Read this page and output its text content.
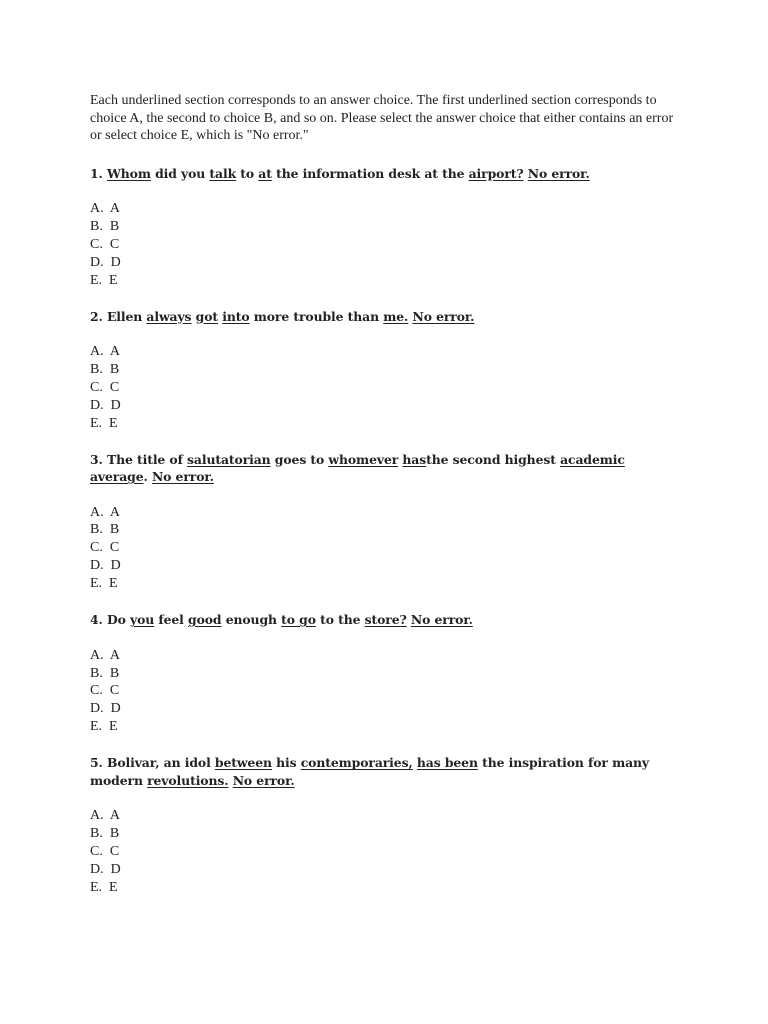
Each underlined section corresponds to an answer choice. The first underlined section corresponds to choice A, the second to choice B, and so on. Please select the answer choice that either contains an error or select choice E, which is "No error."

1. Whom did you talk to at the information desk at the airport? No error.

A.  A
B.  B
C.  C
D.  D
E.  E

2. Ellen always got into more trouble than me. No error.

A.  A
B.  B
C.  C
D.  D
E.  E

3. The title of salutatorian goes to whomever hasthe second highest academic average. No error.

A.  A
B.  B
C.  C
D.  D
E.  E

4. Do you feel good enough to go to the store? No error.

A.  A
B.  B
C.  C
D.  D
E.  E

5. Bolivar, an idol between his contemporaries, has been the inspiration for many modern revolutions. No error.

A.  A
B.  B
C.  C
D.  D
E.  E
